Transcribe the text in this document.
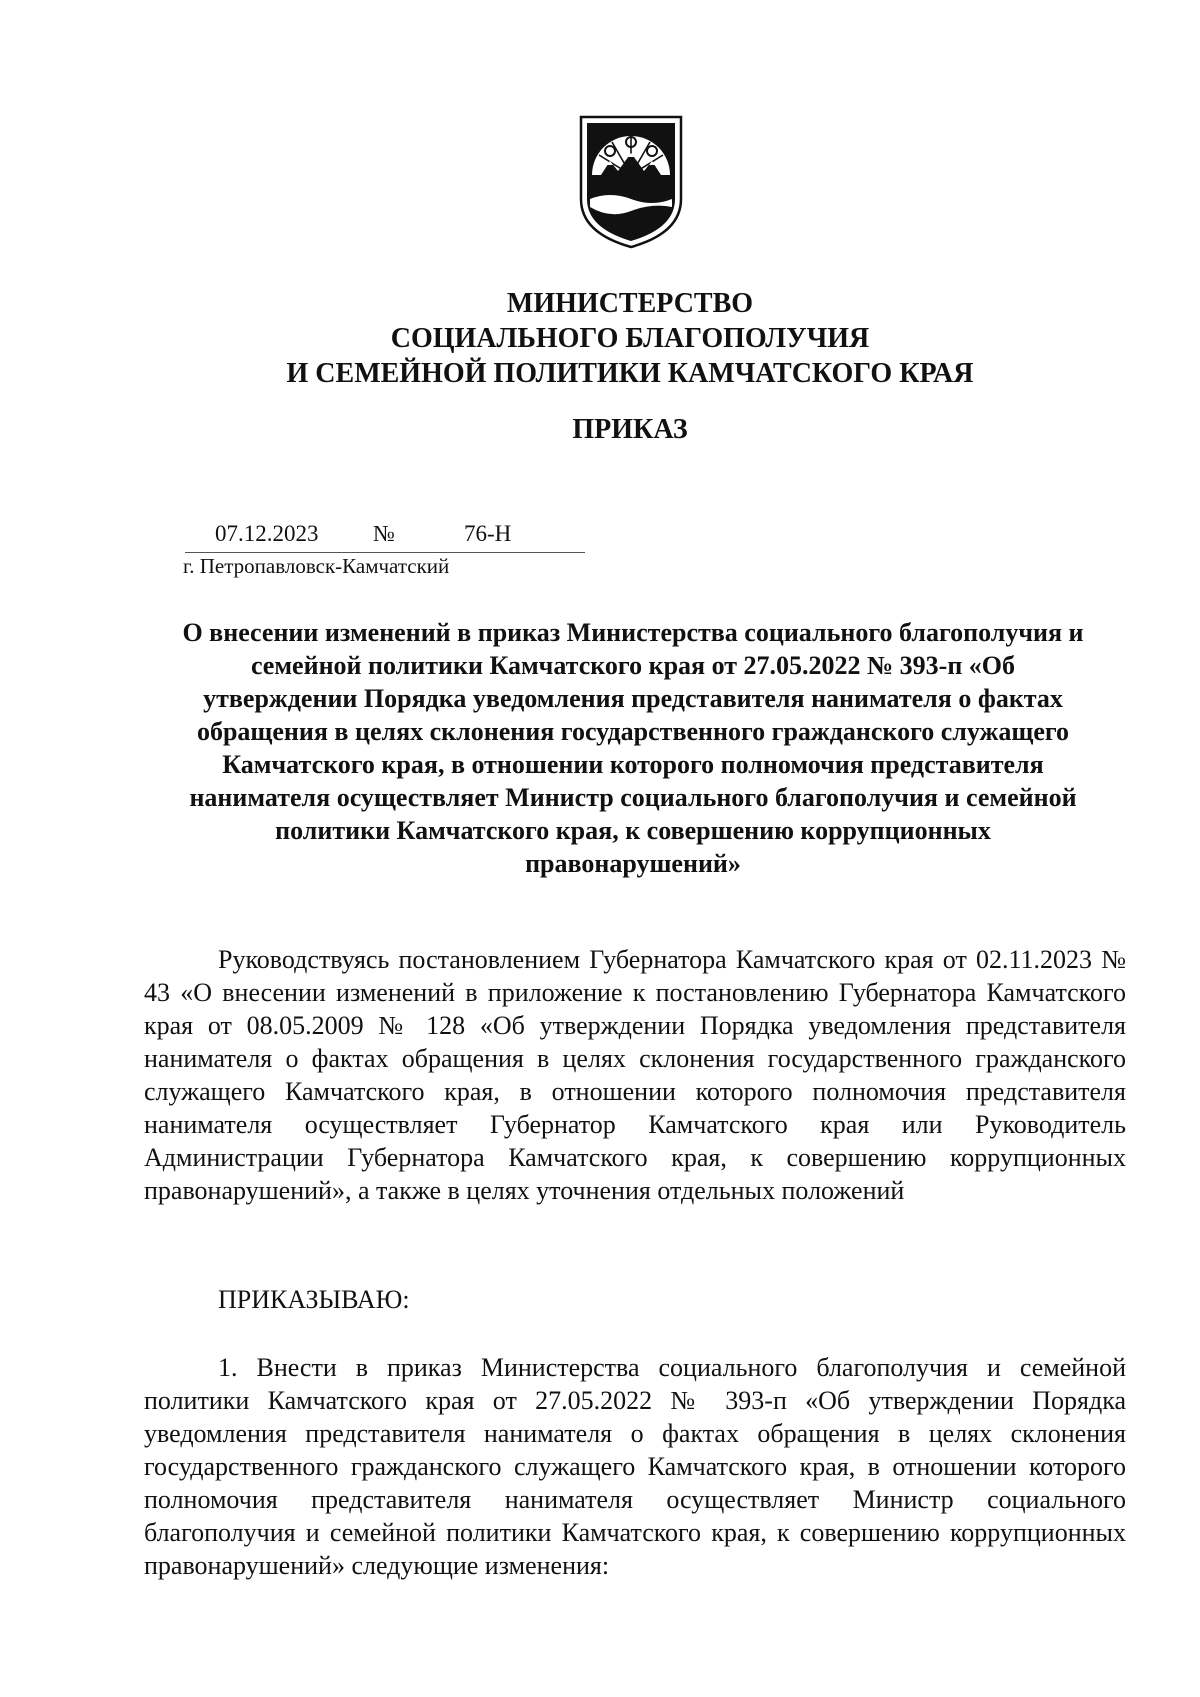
МИНИСТЕРСТВО
СОЦИАЛЬНОГО БЛАГОПОЛУЧИЯ
И СЕМЕЙНОЙ ПОЛИТИКИ КАМЧАТСКОГО КРАЯ
ПРИКАЗ
07.12.2023 №	76-Н
г. Петропавловск-Камчатский
О внесении изменений в приказ Министерства социального благополучия и семейной политики Камчатского края от 27.05.2022 № 393-п «Об утверждении Порядка уведомления представителя нанимателя о фактах обращения в целях склонения государственного гражданского служащего Камчатского края, в отношении которого полномочия представителя нанимателя осуществляет Министр социального благополучия и семейной политики Камчатского края, к совершению коррупционных правонарушений»

Руководствуясь постановлением Губернатора Камчатского края от 02.11.2023 № 43 «О внесении изменений в приложение к постановлению Губернатора Камчатского края от 08.05.2009 № 128 «Об утверждении Порядка уведомления представителя нанимателя о фактах обращения в целях склонения государственного гражданского служащего Камчатского края, в отношении которого полномочия представителя нанимателя осуществляет Губернатор Камчатского края или Руководитель Администрации Губернатора Камчатского края, к совершению коррупционных правонарушений», а также в целях уточнения отдельных положений

ПРИКАЗЫВАЮ:

1. Внести в приказ Министерства социального благополучия и семейной политики Камчатского края от 27.05.2022 № 393-п «Об утверждении Порядка уведомления представителя нанимателя о фактах обращения в целях склонения государственного гражданского служащего Камчатского края, в отношении которого полномочия представителя нанимателя осуществляет Министр социального благополучия и семейной политики Камчатского края, к совершению коррупционных правонарушений» следующие изменения:
